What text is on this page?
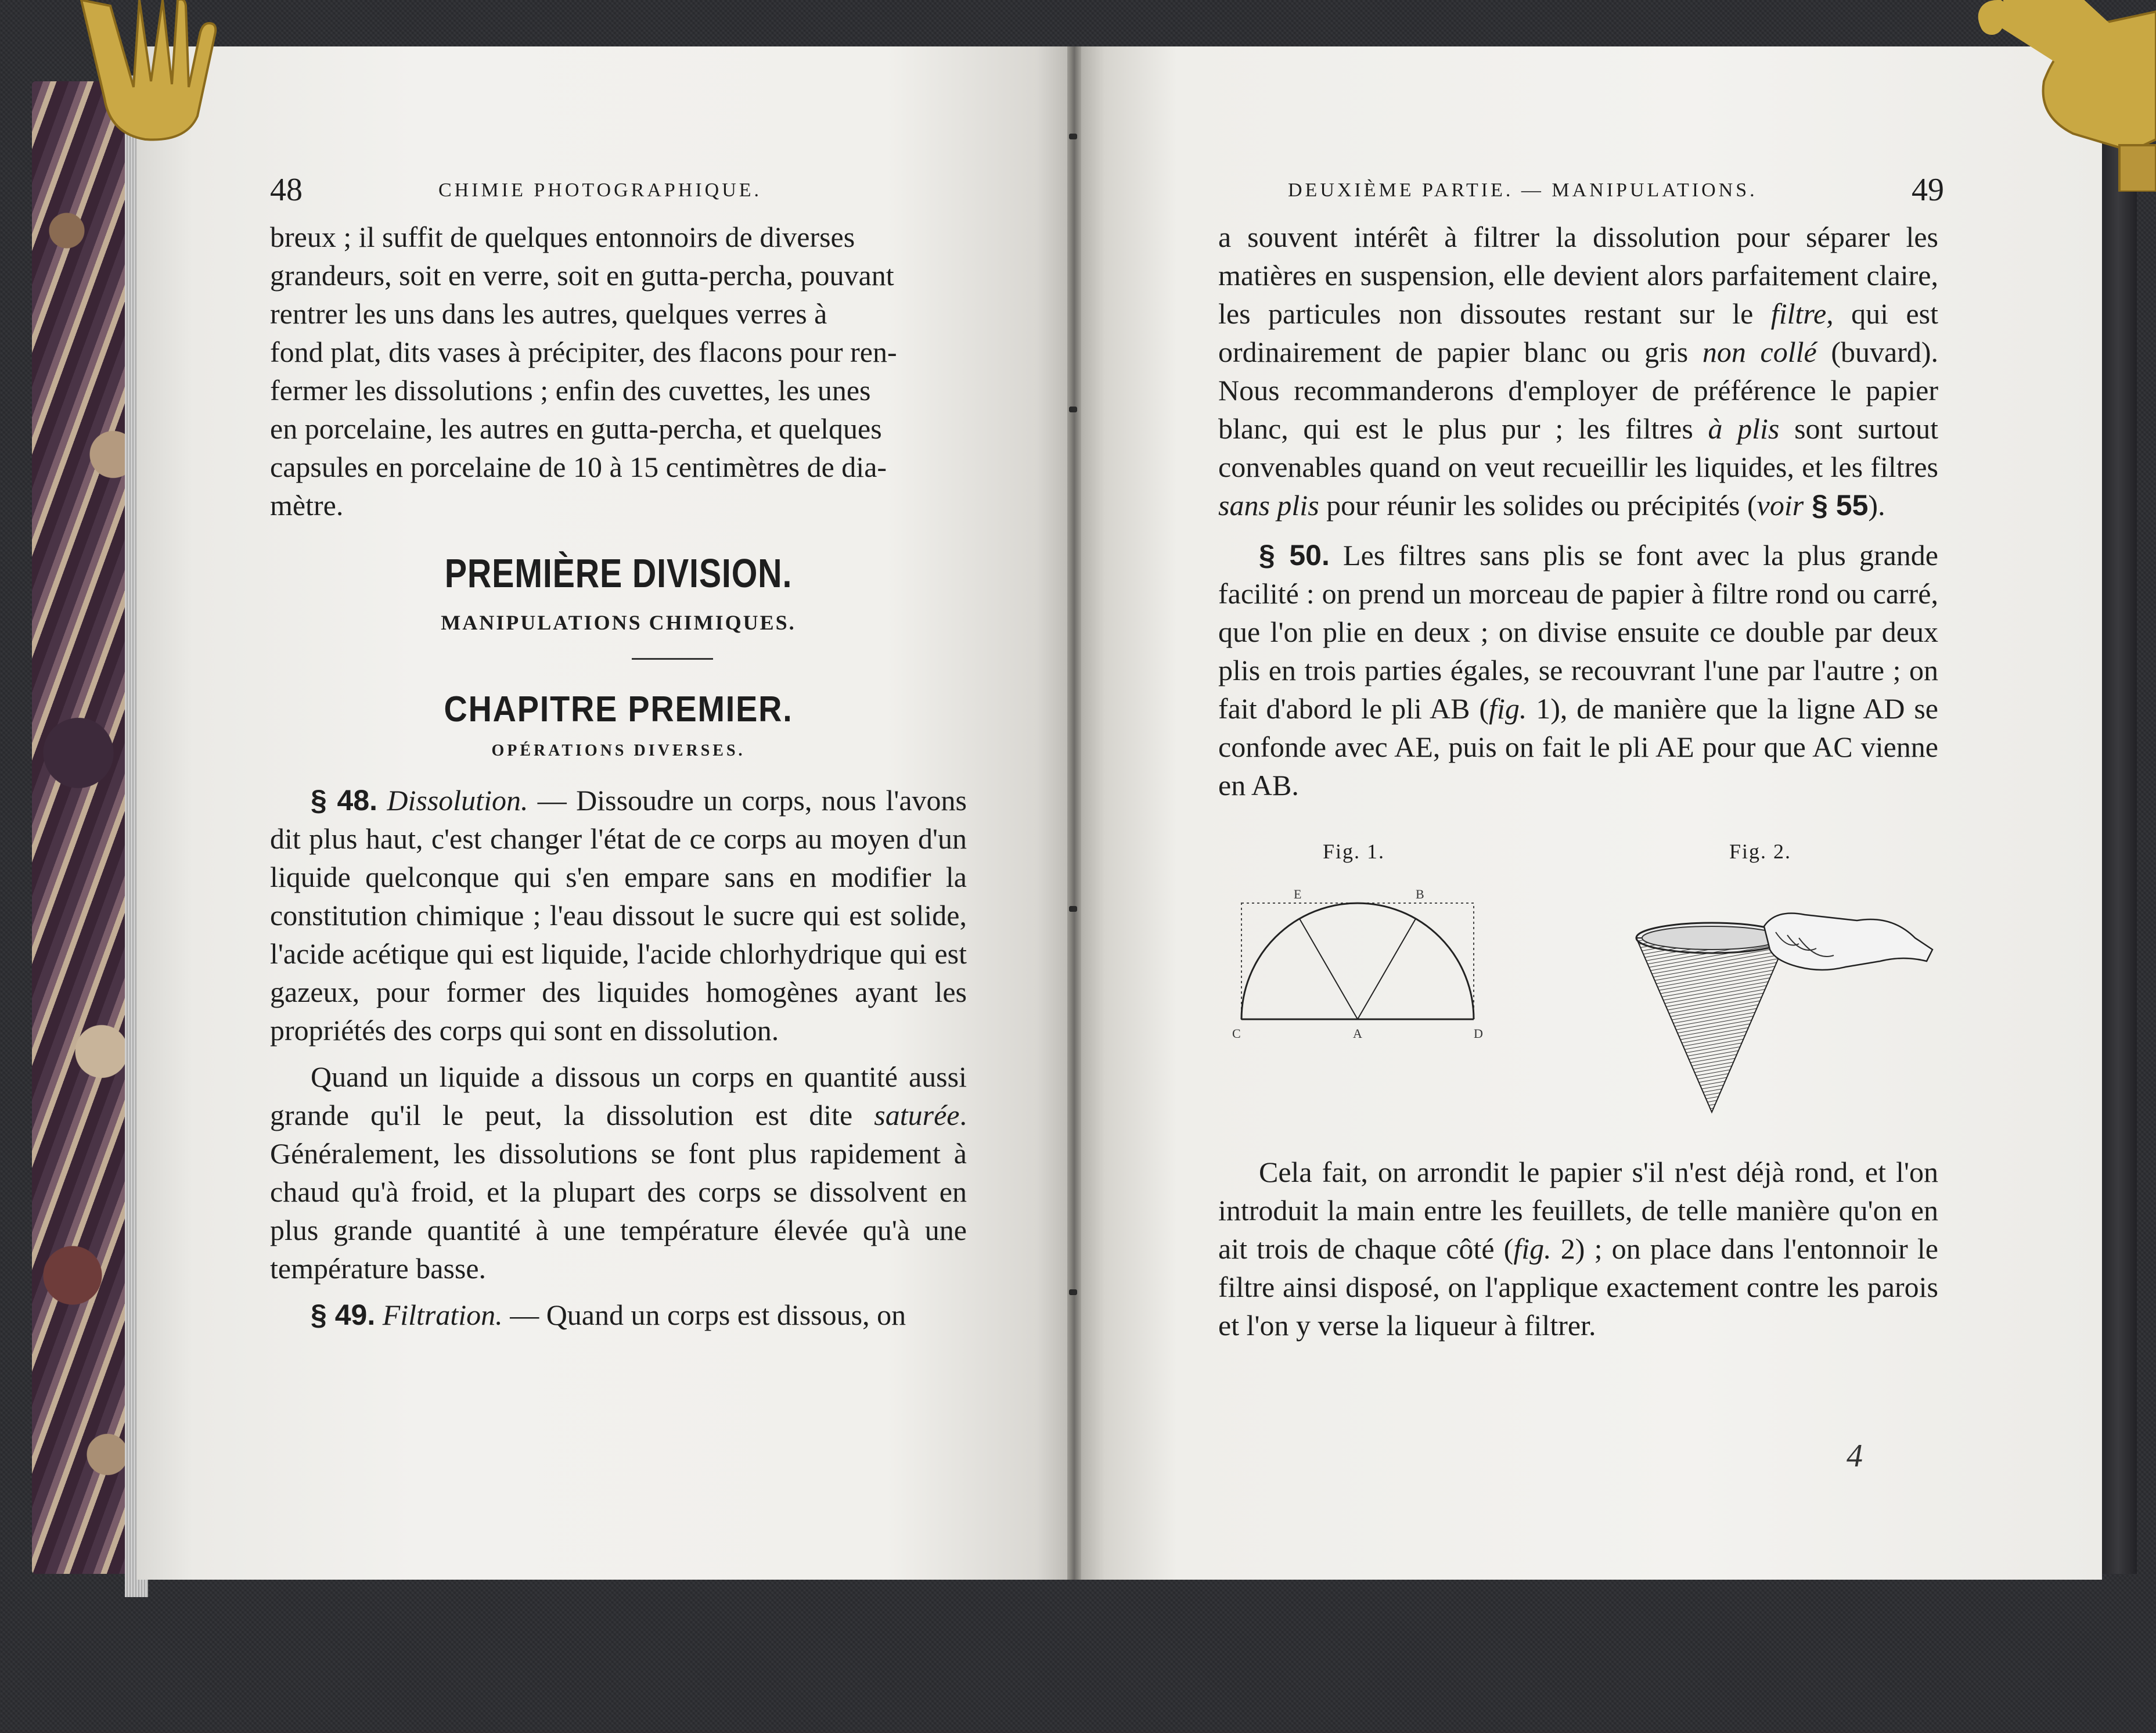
48	CHIMIE PHOTOGRAPHIQUE.
breux ; il suffit de quelques entonnoirs de diverses
grandeurs, soit en verre, soit en gutta-percha, pouvant
rentrer les uns dans les autres, quelques verres à
fond plat, dits vases à précipiter, des flacons pour ren-
fermer les dissolutions ; enfin des cuvettes, les unes
en porcelaine, les autres en gutta-percha, et quelques
capsules en porcelaine de 10 à 15 centimètres de dia-
mètre.
PREMIÈRE DIVISION.
MANIPULATIONS CHIMIQUES.
CHAPITRE PREMIER.
OPÉRATIONS DIVERSES.

§ 48. Dissolution. — Dissoudre un corps, nous l'avons dit plus haut, c'est changer l'état de ce corps au moyen d'un liquide quelconque qui s'en empare sans en modifier la constitution chimique ; l'eau dissout le sucre qui est solide, l'acide acétique qui est liquide, l'acide chlorhydrique qui est gazeux, pour former des liquides homogènes ayant les propriétés des corps qui sont en dissolution.

Quand un liquide a dissous un corps en quantité aussi grande qu'il le peut, la dissolution est dite saturée. Généralement, les dissolutions se font plus rapidement à chaud qu'à froid, et la plupart des corps se dissolvent en plus grande quantité à une température élevée qu'à une température basse.

§ 49. Filtration. — Quand un corps est dissous, on

DEUXIÈME PARTIE. — MANIPULATIONS.	49

a souvent intérêt à filtrer la dissolution pour séparer les matières en suspension, elle devient alors parfaitement claire, les particules non dissoutes restant sur le filtre, qui est ordinairement de papier blanc ou gris non collé (buvard). Nous recommanderons d'employer de préférence le papier blanc, qui est le plus pur ; les filtres à plis sont surtout convenables quand on veut recueillir les liquides, et les filtres sans plis pour réunir les solides ou précipités (voir § 55).

§ 50. Les filtres sans plis se font avec la plus grande facilité : on prend un morceau de papier à filtre rond ou carré, que l'on plie en deux ; on divise ensuite ce double par deux plis en trois parties égales, se recouvrant l'une par l'autre ; on fait d'abord le pli AB (fig. 1), de manière que la ligne AD se confonde avec AE, puis on fait le pli AE pour que AC vienne en AB.

Fig. 1.	Fig. 2.
E	B
C	A	D

Cela fait, on arrondit le papier s'il n'est déjà rond, et l'on introduit la main entre les feuillets, de telle manière qu'on en ait trois de chaque côté (fig. 2) ; on place dans l'entonnoir le filtre ainsi disposé, on l'applique exactement contre les parois et l'on y verse la liqueur à filtrer.

4
